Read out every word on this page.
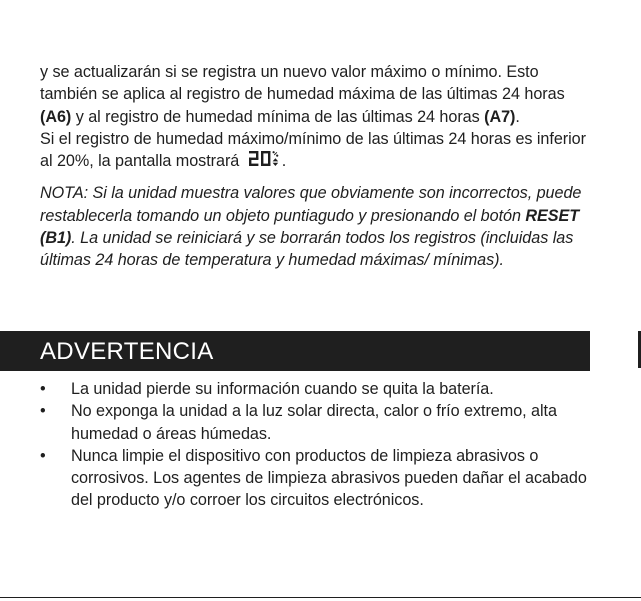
y se actualizarán si se registra un nuevo valor máximo o mínimo. Esto también se aplica al registro de humedad máxima de las últimas 24 horas (A6) y al registro de humedad mínima de las últimas 24 horas (A7).
Si el registro de humedad máximo/mínimo de las últimas 24 horas es inferior al 20%, la pantalla mostrará .

NOTA: Si la unidad muestra valores que obviamente son incorrectos, puede restablecerla tomando un objeto puntiagudo y presionando el botón RESET (B1). La unidad se reiniciará y se borrarán todos los registros (incluidas las últimas 24 horas de temperatura y humedad máximas/ mínimas).

ADVERTENCIA
• La unidad pierde su información cuando se quita la batería.
• No exponga la unidad a la luz solar directa, calor o frío extremo, alta humedad o áreas húmedas.
• Nunca limpie el dispositivo con productos de limpieza abrasivos o corrosivos. Los agentes de limpieza abrasivos pueden dañar el acabado del producto y/o corroer los circuitos electrónicos.
